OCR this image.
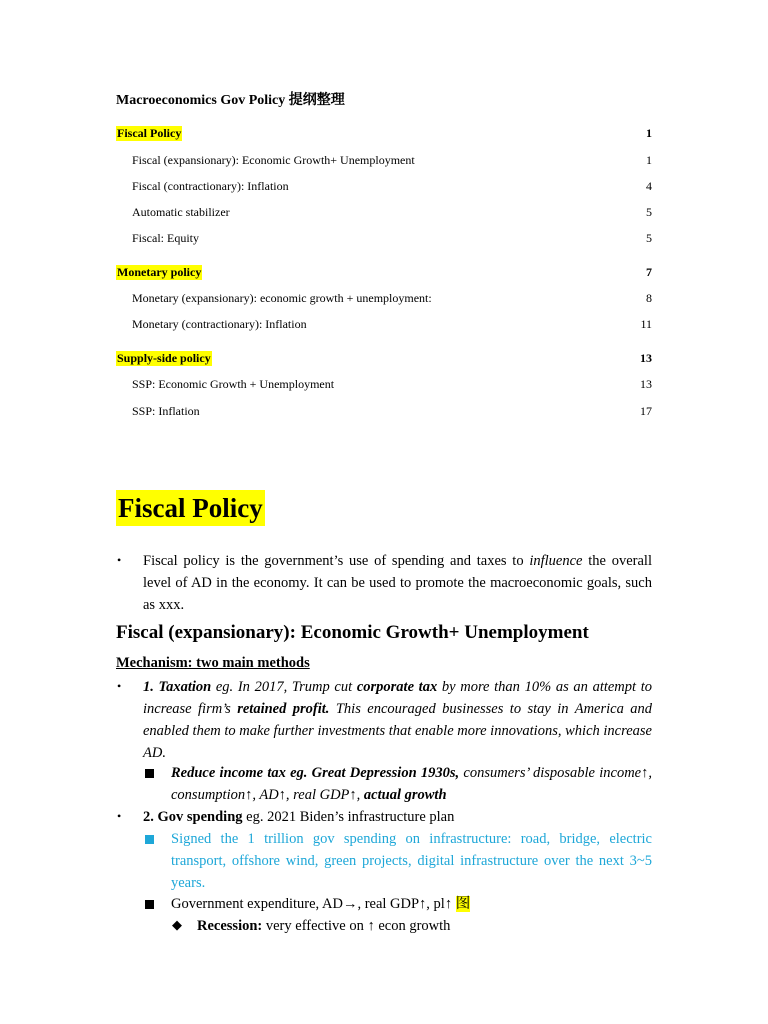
Macroeconomics Gov Policy 提纲整理
Fiscal Policy	1
Fiscal (expansionary): Economic Growth+ Unemployment	1
Fiscal (contractionary): Inflation	4
Automatic stabilizer	5
Fiscal: Equity	5
Monetary policy	7
Monetary (expansionary): economic growth + unemployment:	8
Monetary (contractionary): Inflation	11
Supply-side policy	13
SSP: Economic Growth + Unemployment	13
SSP: Inflation	17
Fiscal Policy
• Fiscal policy is the government’s use of spending and taxes to influence the overall level of AD in the economy. It can be used to promote the macroeconomic goals, such as xxx.
Fiscal (expansionary): Economic Growth+ Unemployment
Mechanism: two main methods
• 1. Taxation eg. In 2017, Trump cut corporate tax by more than 10% as an attempt to increase firm’s retained profit. This encouraged businesses to stay in America and enabled them to make further investments that enable more innovations, which increase AD.
Reduce income tax eg. Great Depression 1930s, consumers’ disposable income↑, consumption↑, AD↑, real GDP↑, actual growth
• 2. Gov spending eg. 2021 Biden’s infrastructure plan
Signed the 1 trillion gov spending on infrastructure: road, bridge, electric transport, offshore wind, green projects, digital infrastructure over the next 3~5 years.
Government expenditure, AD→, real GDP↑, pl↑ 图
◆ Recession: very effective on ↑ econ growth
